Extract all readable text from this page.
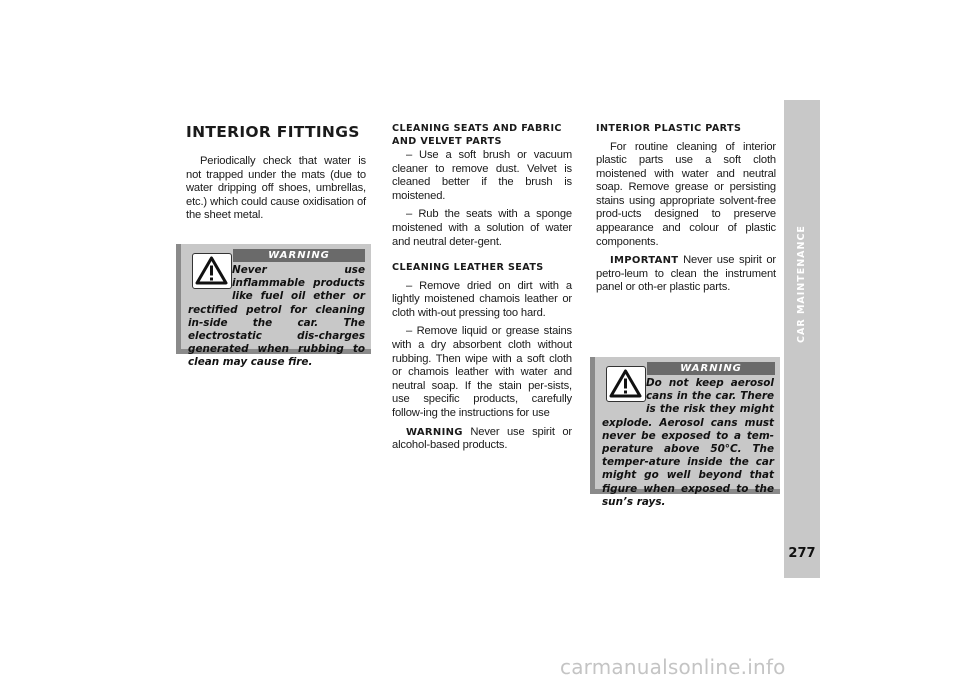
INTERIOR FITTINGS

Periodically check that water is not trapped under the mats (due to water dripping off shoes, umbrellas, etc.) which could cause oxidisation of the sheet metal.

WARNING
Never use inflammable products like fuel oil ether or rectified petrol for cleaning in-side the car. The electrostatic dis-charges generated when rubbing to clean may cause fire.
CLEANING SEATS AND FABRIC AND VELVET PARTS

– Use a soft brush or vacuum cleaner to remove dust. Velvet is cleaned better if the brush is moistened.

– Rub the seats with a sponge moistened with a solution of water and neutral deter-gent.

CLEANING LEATHER SEATS

– Remove dried on dirt with a lightly moistened chamois leather or cloth with-out pressing too hard.

– Remove liquid or grease stains with a dry absorbent cloth without rubbing. Then wipe with a soft cloth or chamois leather with water and neutral soap. If the stain per-sists, use specific products, carefully follow-ing the instructions for use

WARNING Never use spirit or alcohol-based products.

INTERIOR PLASTIC PARTS

For routine cleaning of interior plastic parts use a soft cloth moistened with water and neutral soap. Remove grease or persisting stains using appropriate solvent-free prod-ucts designed to preserve appearance and colour of plastic components.

IMPORTANT Never use spirit or petro-leum to clean the instrument panel or oth-er plastic parts.

WARNING
Do not keep aerosol cans in the car. There is the risk they might explode. Aerosol cans must never be exposed to a tem-perature above 50°C. The temper-ature inside the car might go well beyond that figure when exposed to the sun’s rays.
CAR MAINTENANCE
277
carmanualsonline.info
